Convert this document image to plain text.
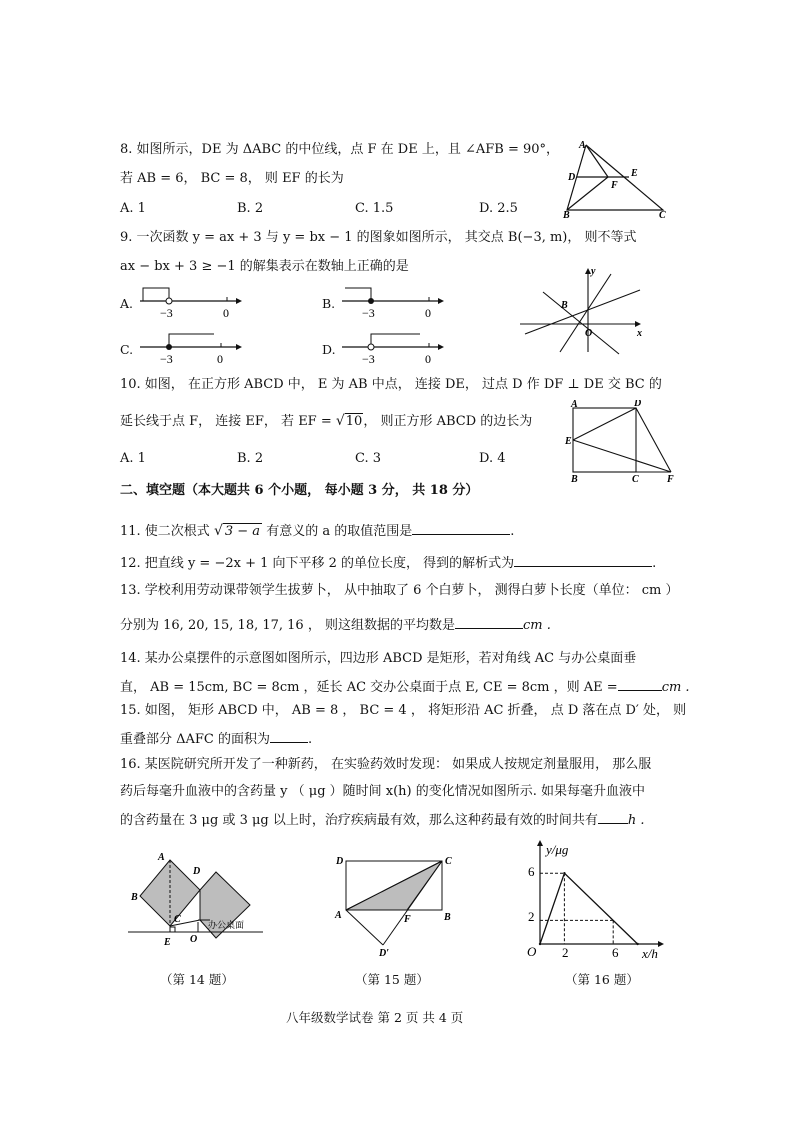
8. 如图所示，DE 为 ΔABC 的中位线，点 F 在 DE 上，且 ∠AFB = 90°，
若 AB = 6， BC = 8， 则 EF 的长为
A. 1	B. 2	C. 1.5	D. 2.5
A
D	E
F
B	C
9. 一次函数 y = ax + 3 与 y = bx − 1 的图象如图所示， 其交点 B(−3, m)， 则不等式
ax − bx + 3 ≥ −1 的解集表示在数轴上正确的是
A.
−3	0
B.
−3	0
C.
−3	0
D.
−3	0
y
x
B
O
10. 如图， 在正方形 ABCD 中， E 为 AB 中点， 连接 DE， 过点 D 作 DF ⊥ DE 交 BC 的
延长线于点 F， 连接 EF， 若 EF = √10， 则正方形 ABCD 的边长为
A. 1	B. 2	C. 3	D. 4
A	D
E
B	C	F
二、填空题（本大题共 6 个小题， 每小题 3 分， 共 18 分）
11. 使二次根式 √ 3 − a 有意义的 a 的取值范围是	.
12. 把直线 y = −2x + 1 向下平移 2 的单位长度， 得到的解析式为	.
13. 学校利用劳动课带领学生拔萝卜， 从中抽取了 6 个白萝卜， 测得白萝卜长度（单位： cm ）
分别为 16, 20, 15, 18, 17, 16 ， 则这组数据的平均数是	cm .
14. 某办公桌摆件的示意图如图所示，四边形 ABCD 是矩形，若对角线 AC 与办公桌面垂
直， AB = 15cm, BC = 8cm ，延长 AC 交办公桌面于点 E, CE = 8cm ，则 AE =	cm .
15. 如图， 矩形 ABCD 中， AB = 8 ， BC = 4 ， 将矩形沿 AC 折叠， 点 D 落在点 D′ 处， 则
重叠部分 ΔAFC 的面积为	.
16. 某医院研究所开发了一种新药， 在实验药效时发现： 如果成人按规定剂量服用， 那么服
药后每毫升血液中的含药量 y （ μg ）随时间 x(h) 的变化情况如图所示. 如果每毫升血液中
的含药量在 3 μg 或 3 μg 以上时，治疗疾病最有效，那么这种药最有效的时间共有 h .
A
D
B
C
E O
办公桌面
（第 14 题）
D	C
A	B
F
D′
（第 15 题）
y/μg
x/h
O
6
2
2	6
（第 16 题）
八年级数学试卷 第 2 页 共 4 页
